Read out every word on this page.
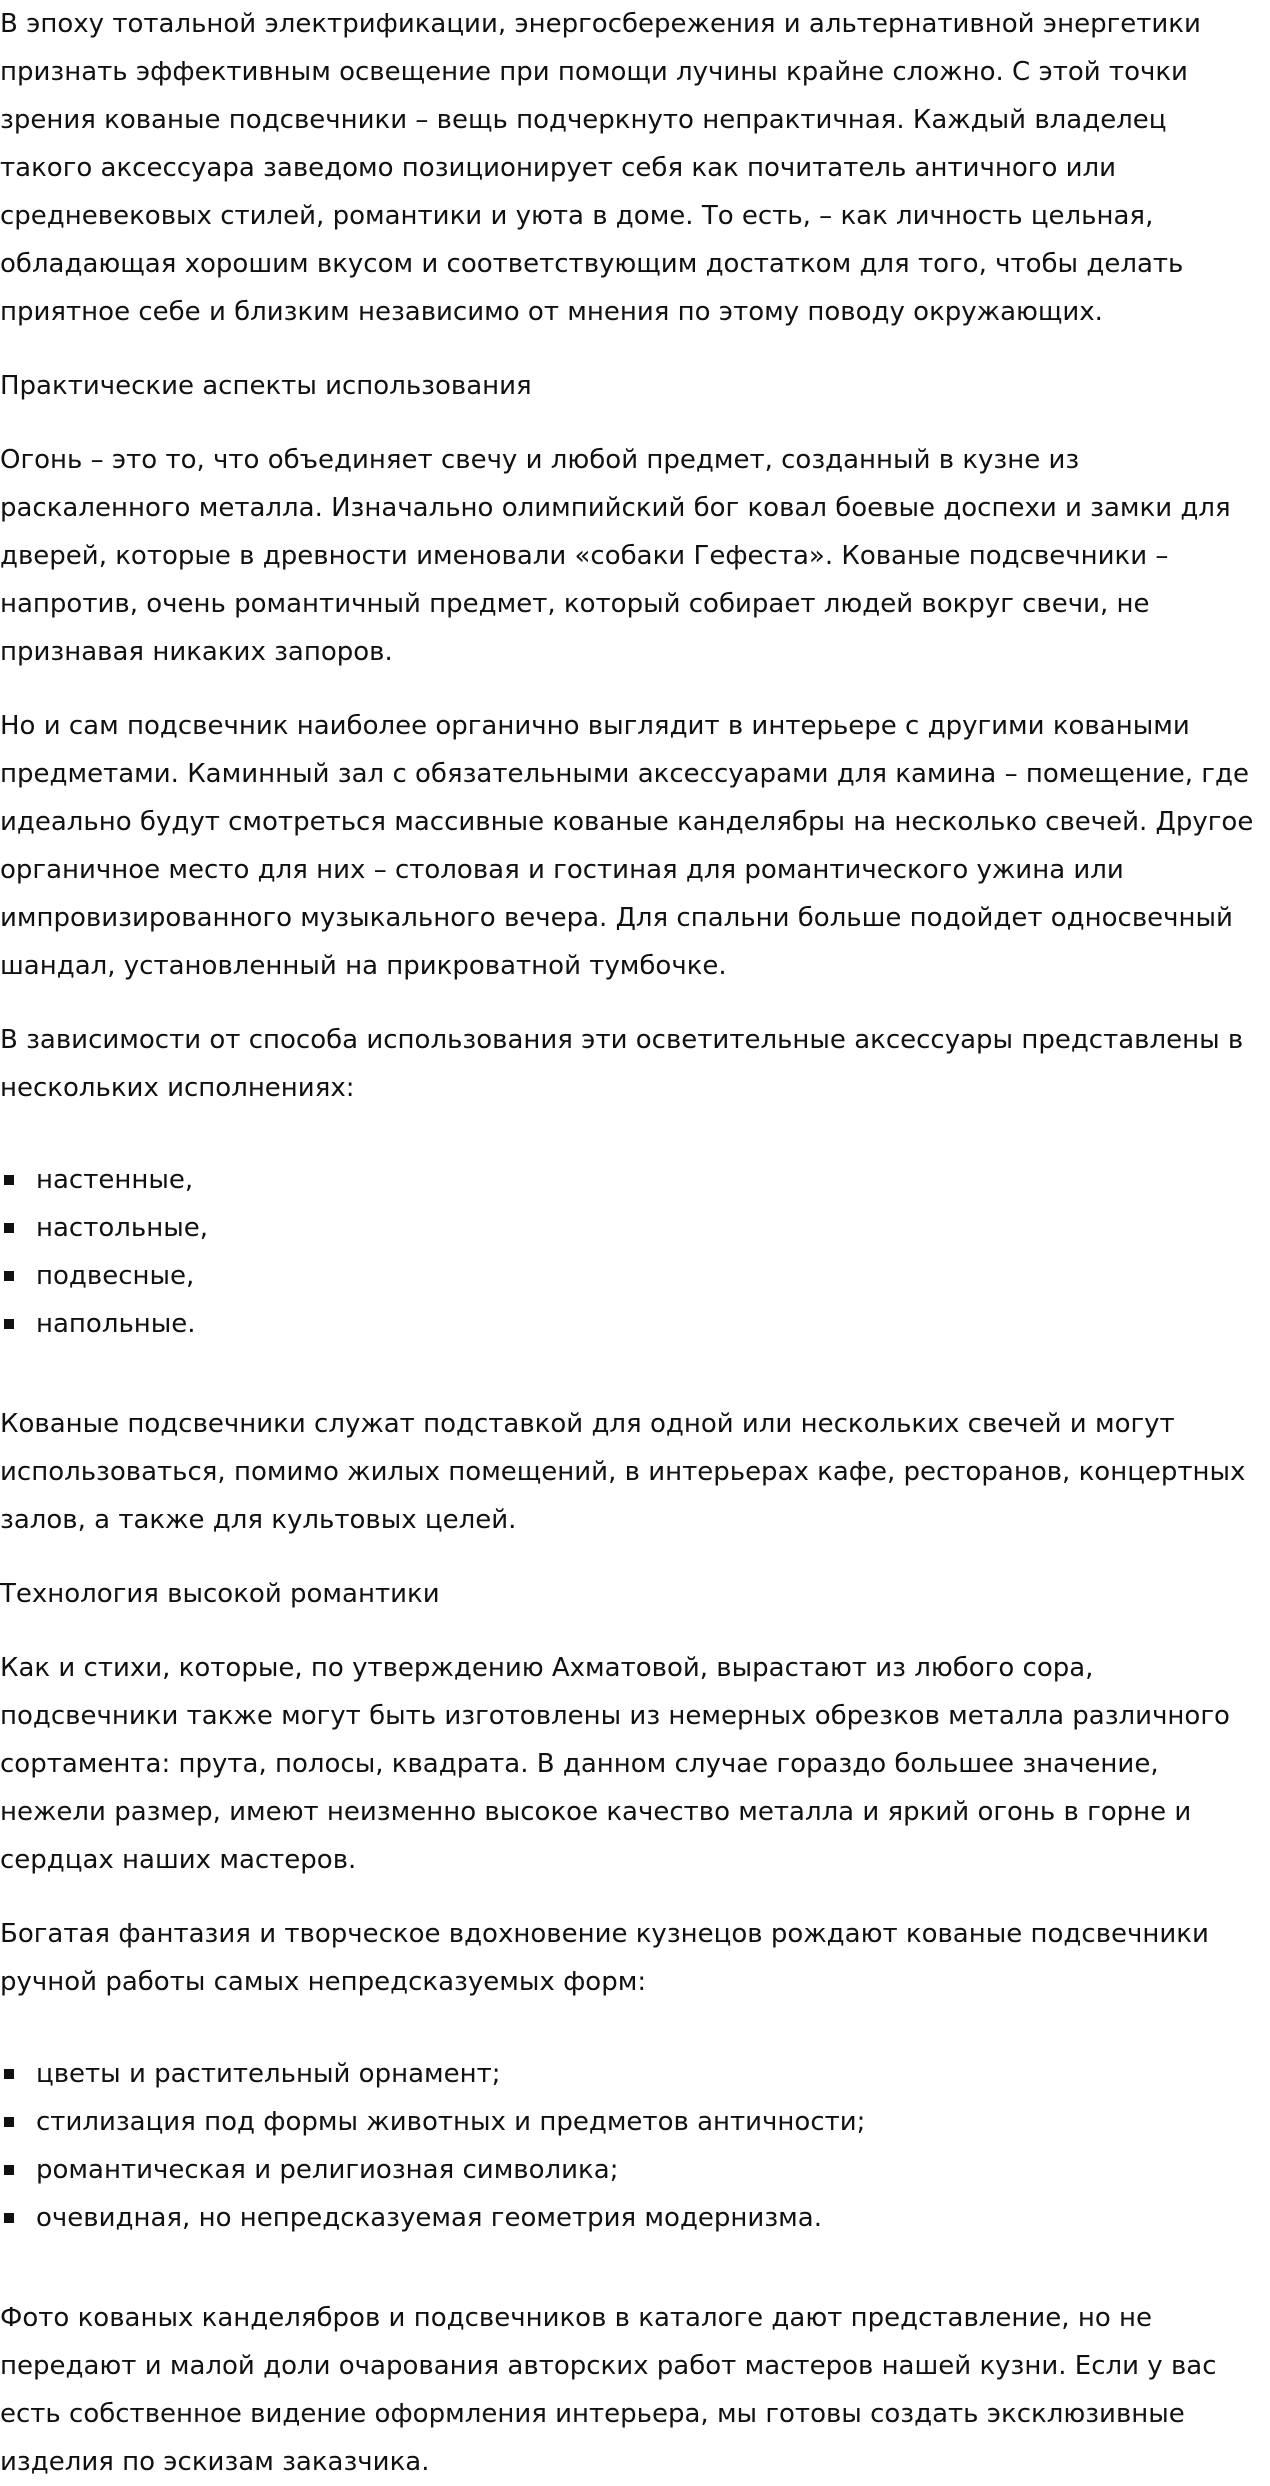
В эпоху тотальной электрификации, энергосбережения и альтернативной энергетики признать эффективным освещение при помощи лучины крайне сложно. С этой точки зрения кованые подсвечники – вещь подчеркнуто непрактичная. Каждый владелец такого аксессуара заведомо позиционирует себя как почитатель античного или средневековых стилей, романтики и уюта в доме. То есть, – как личность цельная, обладающая хорошим вкусом и соответствующим достатком для того, чтобы делать приятное себе и близким независимо от мнения по этому поводу окружающих.

Практические аспекты использования

Огонь – это то, что объединяет свечу и любой предмет, созданный в кузне из раскаленного металла. Изначально олимпийский бог ковал боевые доспехи и замки для дверей, которые в древности именовали «собаки Гефеста». Кованые подсвечники – напротив, очень романтичный предмет, который собирает людей вокруг свечи, не признавая никаких запоров.

Но и сам подсвечник наиболее органично выглядит в интерьере с другими коваными предметами. Каминный зал с обязательными аксессуарами для камина – помещение, где идеально будут смотреться массивные кованые канделябры на несколько свечей. Другое органичное место для них – столовая и гостиная для романтического ужина или импровизированного музыкального вечера. Для спальни больше подойдет односвечный шандал, установленный на прикроватной тумбочке.

В зависимости от способа использования эти осветительные аксессуары представлены в нескольких исполнениях:

настенные,
настольные,
подвесные,
напольные.

Кованые подсвечники служат подставкой для одной или нескольких свечей и могут использоваться, помимо жилых помещений, в интерьерах кафе, ресторанов, концертных залов, а также для культовых целей.

Технология высокой романтики

Как и стихи, которые, по утверждению Ахматовой, вырастают из любого сора, подсвечники также могут быть изготовлены из немерных обрезков металла различного сортамента: прута, полосы, квадрата. В данном случае гораздо большее значение, нежели размер, имеют неизменно высокое качество металла и яркий огонь в горне и сердцах наших мастеров.

Богатая фантазия и творческое вдохновение кузнецов рождают кованые подсвечники ручной работы самых непредсказуемых форм:

цветы и растительный орнамент;
стилизация под формы животных и предметов античности;
романтическая и религиозная символика;
очевидная, но непредсказуемая геометрия модернизма.

Фото кованых канделябров и подсвечников в каталоге дают представление, но не передают и малой доли очарования авторских работ мастеров нашей кузни. Если у вас есть собственное видение оформления интерьера, мы готовы создать эксклюзивные изделия по эскизам заказчика.
